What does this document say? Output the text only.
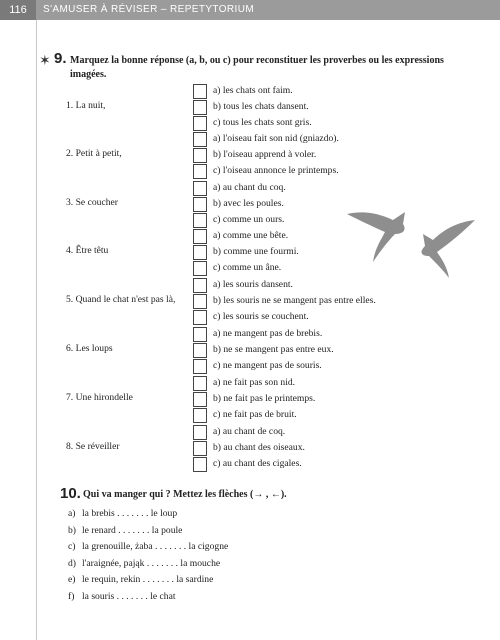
116	S'AMUSER À RÉVISER – REPETYTORIUM
✶ 9. Marquez la bonne réponse (a, b, ou c) pour reconstituer les proverbes ou les expressions imagées.
1. La nuit,
a) les chats ont faim.
b) tous les chats dansent.
c) tous les chats sont gris.
2. Petit à petit,
a) l'oiseau fait son nid (gniazdo).
b) l'oiseau apprend à voler.
c) l'oiseau annonce le printemps.
3. Se coucher
a) au chant du coq.
b) avec les poules.
c) comme un ours.
4. Être têtu
a) comme une bête.
b) comme une fourmi.
c) comme un âne.
5. Quand le chat n'est pas là,
a) les souris dansent.
b) les souris ne se mangent pas entre elles.
c) les souris se couchent.
6. Les loups
a) ne mangent pas de brebis.
b) ne se mangent pas entre eux.
c) ne mangent pas de souris.
7. Une hirondelle
a) ne fait pas son nid.
b) ne fait pas le printemps.
c) ne fait pas de bruit.
8. Se réveiller
a) au chant de coq.
b) au chant des oiseaux.
c) au chant des cigales.
10. Qui va manger qui ? Mettez les flèches (→ , ←).
a) la brebis . . . . . . . le loup
b) le renard . . . . . . . la poule
c) la grenouille, żaba . . . . . . . la cigogne
d) l'araignée, pająk . . . . . . . la mouche
e) le requin, rekin . . . . . . . la sardine
f) la souris . . . . . . . le chat
